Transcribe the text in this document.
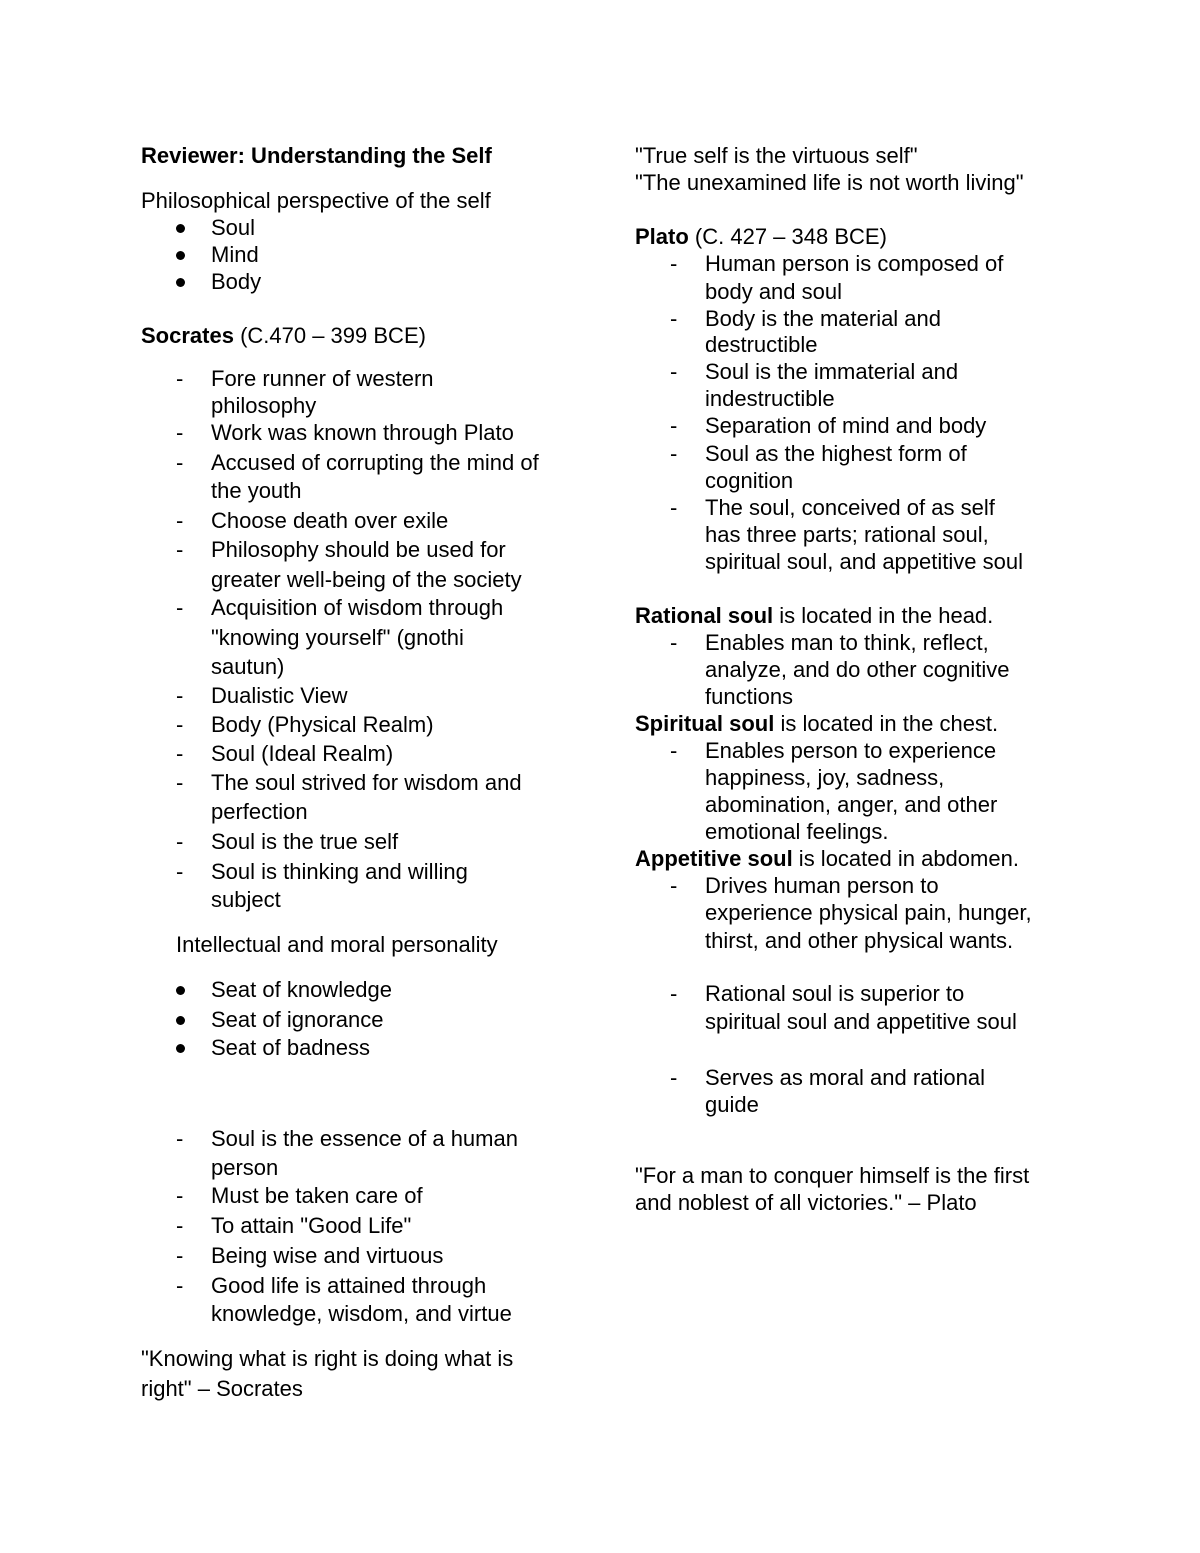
Reviewer: Understanding the Self
Philosophical perspective of the self
Soul
Mind
Body
Socrates (C.470 – 399 BCE)
- Fore runner of western
philosophy
- Work was known through Plato
- Accused of corrupting the mind of
the youth
- Choose death over exile
- Philosophy should be used for
greater well-being of the society
- Acquisition of wisdom through
"knowing yourself" (gnothi
sautun)
- Dualistic View
- Body (Physical Realm)
- Soul (Ideal Realm)
- The soul strived for wisdom and
perfection
- Soul is the true self
- Soul is thinking and willing
subject
Intellectual and moral personality
Seat of knowledge
Seat of ignorance
Seat of badness
- Soul is the essence of a human
person
- Must be taken care of
- To attain "Good Life"
- Being wise and virtuous
- Good life is attained through
knowledge, wisdom, and virtue
"Knowing what is right is doing what is
right" – Socrates
"True self is the virtuous self"
"The unexamined life is not worth living"
Plato (C. 427 – 348 BCE)
- Human person is composed of
body and soul
- Body is the material and
destructible
- Soul is the immaterial and
indestructible
- Separation of mind and body
- Soul as the highest form of
cognition
- The soul, conceived of as self
has three parts; rational soul,
spiritual soul, and appetitive soul
Rational soul is located in the head.
- Enables man to think, reflect,
analyze, and do other cognitive
functions
Spiritual soul is located in the chest.
- Enables person to experience
happiness, joy, sadness,
abomination, anger, and other
emotional feelings.
Appetitive soul is located in abdomen.
- Drives human person to
experience physical pain, hunger,
thirst, and other physical wants.
- Rational soul is superior to
spiritual soul and appetitive soul
- Serves as moral and rational
guide
"For a man to conquer himself is the first
and noblest of all victories." – Plato
